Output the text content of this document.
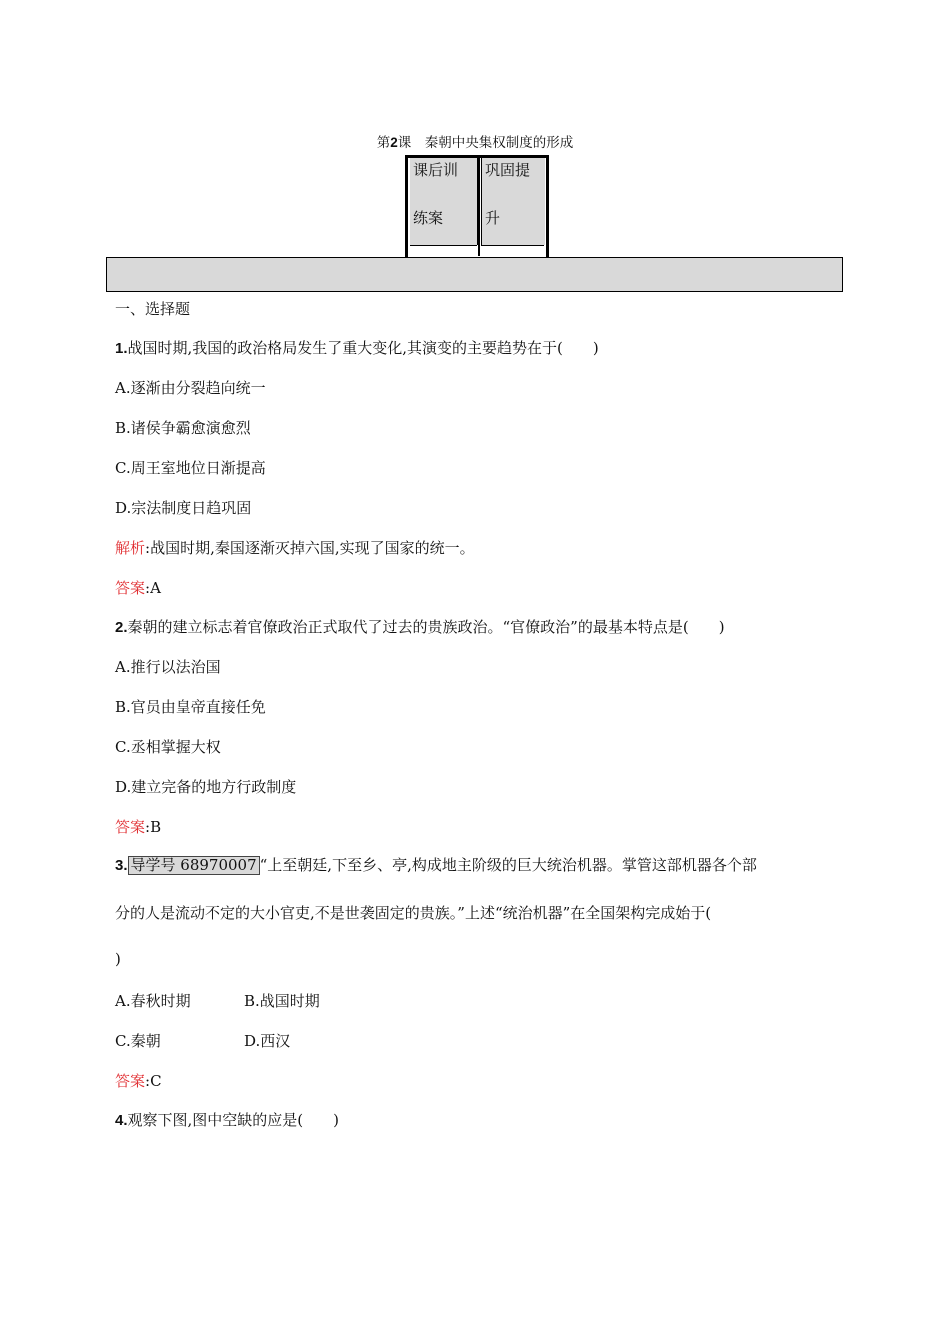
第2课　秦朝中央集权制度的形成
课后训
练案
巩固提
升
一、选择题
1.战国时期,我国的政治格局发生了重大变化,其演变的主要趋势在于(　　)
A.逐渐由分裂趋向统一
B.诸侯争霸愈演愈烈
C.周王室地位日渐提高
D.宗法制度日趋巩固
解析:战国时期,秦国逐渐灭掉六国,实现了国家的统一。
答案:A
2.秦朝的建立标志着官僚政治正式取代了过去的贵族政治。“官僚政治”的最基本特点是(　　)
A.推行以法治国
B.官员由皇帝直接任免
C.丞相掌握大权
D.建立完备的地方行政制度
答案:B
3. 导学号 68970007 “上至朝廷,下至乡、亭,构成地主阶级的巨大统治机器。掌管这部机器各个部
分的人是流动不定的大小官吏,不是世袭固定的贵族。”上述“统治机器”在全国架构完成始于(
)
A.春秋时期	B.战国时期
C.秦朝	D.西汉
答案:C
4.观察下图,图中空缺的应是(　　)
